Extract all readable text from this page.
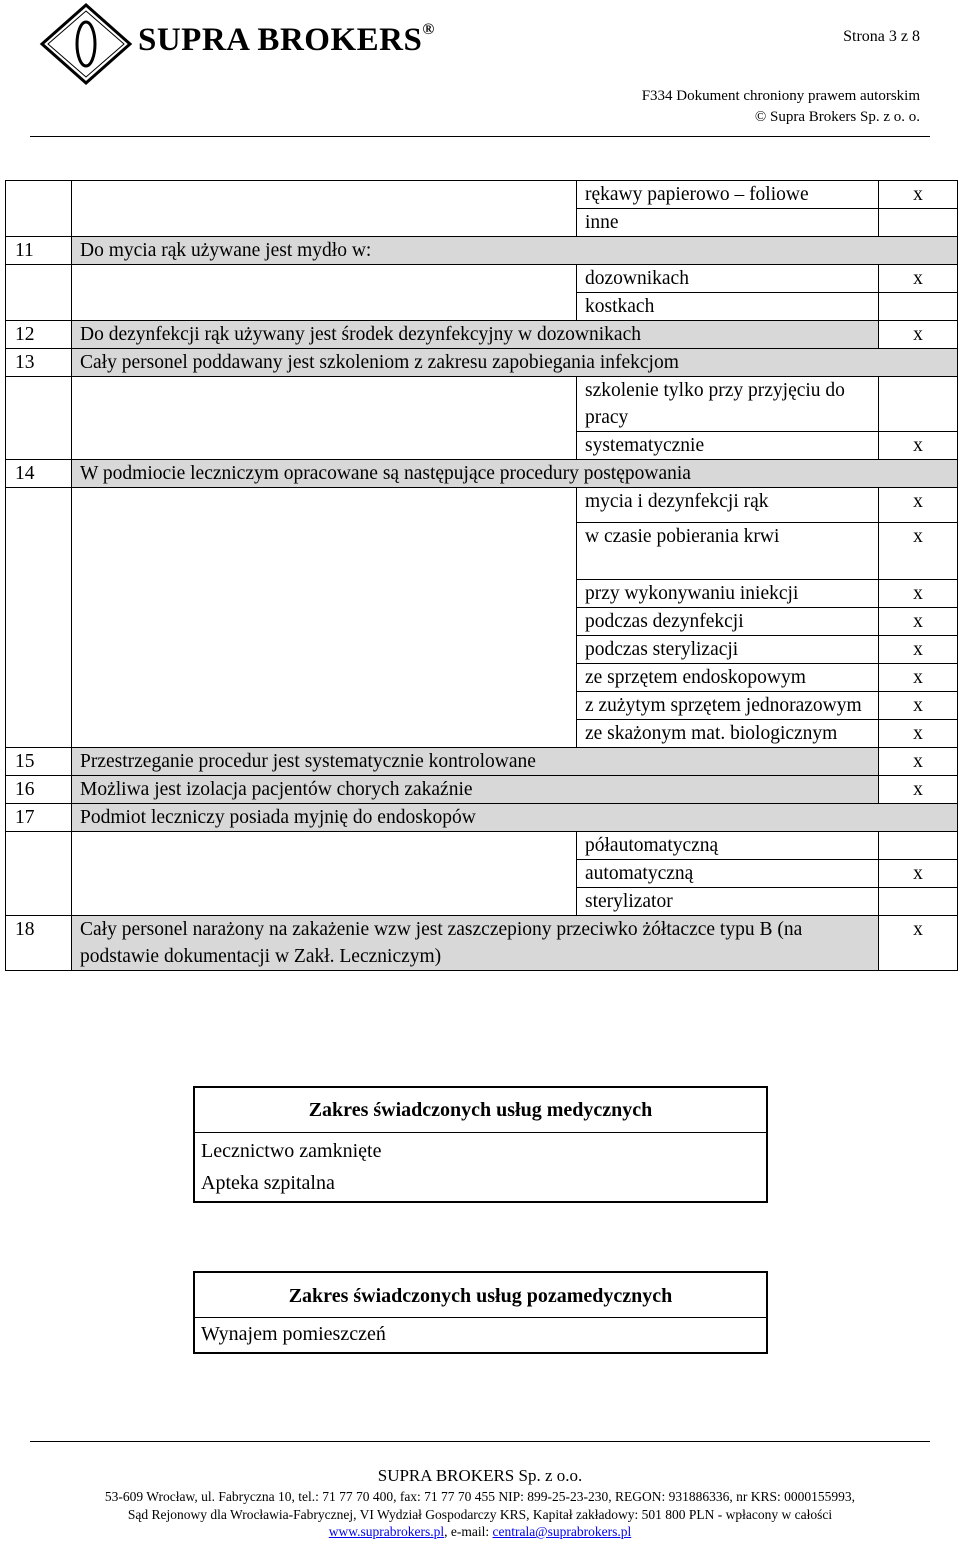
SUPRA BROKERS®	Strona 3 z 8
F334 Dokument chroniony prawem autorskim
© Supra Brokers Sp. z o. o.
		rękawy papierowo – foliowe	x
		inne	
11	Do mycia rąk używane jest mydło w:		
		dozownikach	x
		kostkach	
12	Do dezynfekcji rąk używany jest środek dezynfekcyjny w dozownikach		x
13	Cały personel poddawany jest szkoleniom z zakresu zapobiegania infekcjom		
		szkolenie tylko przy przyjęciu do pracy	
		systematycznie	x
14	W podmiocie leczniczym opracowane są następujące procedury postępowania		
		mycia i dezynfekcji rąk	x
		w czasie pobierania krwi	x
		przy wykonywaniu iniekcji	x
		podczas dezynfekcji	x
		podczas sterylizacji	x
		ze sprzętem endoskopowym	x
		z zużytym sprzętem jednorazowym	x
		ze skażonym mat. biologicznym	x
15	Przestrzeganie procedur jest systematycznie kontrolowane		x
16	Możliwa jest izolacja pacjentów chorych zakaźnie		x
17	Podmiot leczniczy posiada myjnię do endoskopów		
		półautomatyczną	
		automatyczną	x
		sterylizator	
18	Cały personel narażony na zakażenie wzw jest zaszczepiony przeciwko żółtaczce typu B (na podstawie dokumentacji w Zakł. Leczniczym)		x
Zakres świadczonych usług medycznych
Lecznictwo zamknięte
Apteka szpitalna
Zakres świadczonych usług pozamedycznych
Wynajem pomieszczeń
SUPRA BROKERS Sp. z o.o.
53-609 Wrocław, ul. Fabryczna 10, tel.: 71 77 70 400, fax: 71 77 70 455 NIP: 899-25-23-230, REGON: 931886336, nr KRS: 0000155993,
Sąd Rejonowy dla Wrocławia-Fabrycznej, VI Wydział Gospodarczy KRS, Kapitał zakładowy: 501 800 PLN - wpłacony w całości
www.suprabrokers.pl, e-mail: centrala@suprabrokers.pl
